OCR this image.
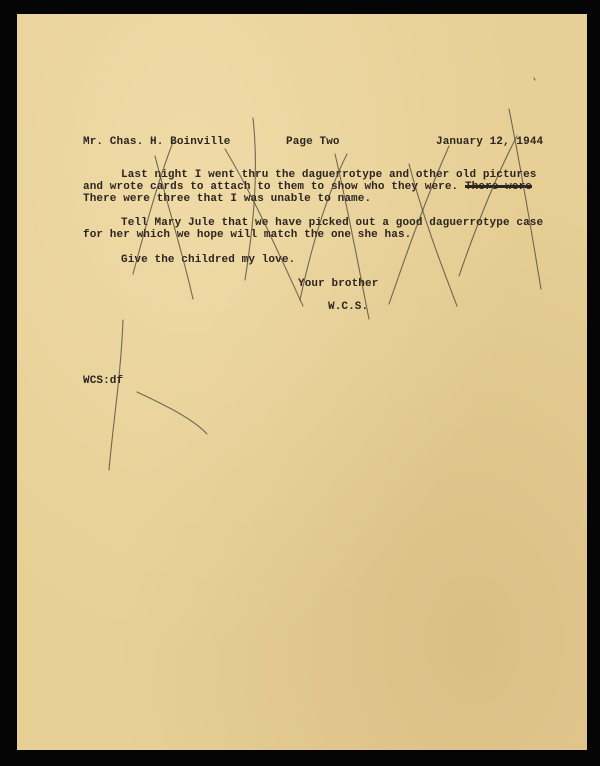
Mr. Chas. H. Boinville	Page Two	January 12, 1944
Last night I went thru the daguerrotype and other old pictures
and wrote cards to attach to them to show who they were. There were
There were three that I was unable to name.
Tell Mary Jule that we have picked out a good daguerrotype case
for her which we hope will match the one she has.
Give the childred my love.
Your brother
W.C.S.
WCS:df
